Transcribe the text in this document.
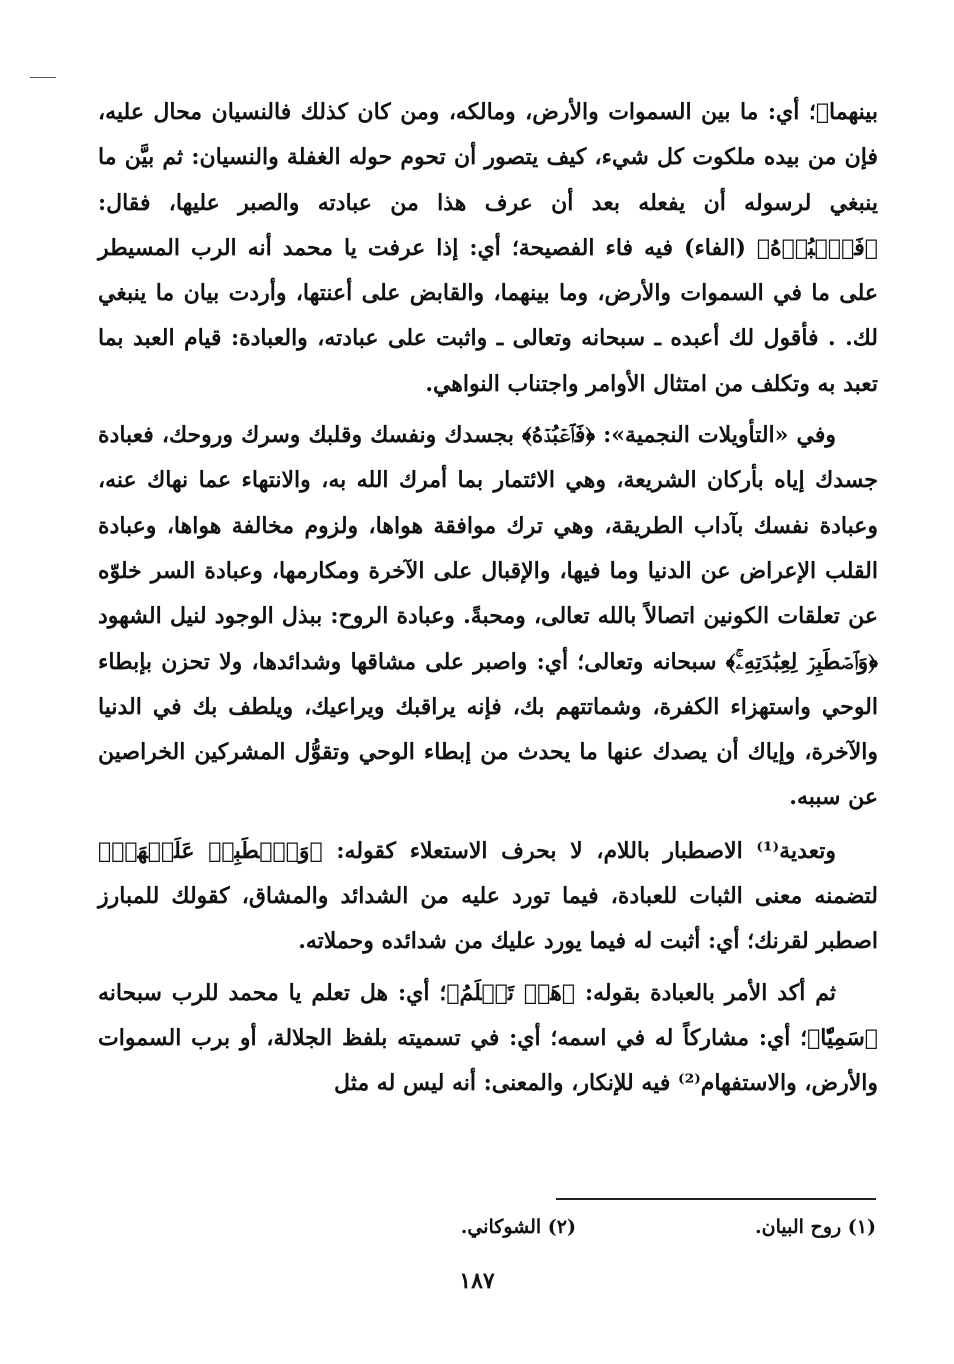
بينهما﴾؛ أي: ما بين السموات والأرض، ومالكه، ومن كان كذلك فالنسيان محال عليه، فإن من بيده ملكوت كل شيء، كيف يتصور أن تحوم حوله الغفلة والنسيان: ثم بيَّن ما ينبغي لرسوله أن يفعله بعد أن عرف هذا من عبادته والصبر عليها، فقال: ﴿فَٱعۡبُدۡهُ﴾ (الفاء) فيه فاء الفصيحة؛ أي: إذا عرفت يا محمد أنه الرب المسيطر على ما في السموات والأرض، وما بينهما، والقابض على أعنتها، وأردت بيان ما ينبغي لك. . فأقول لك أعبده ـ سبحانه وتعالى ـ واثبت على عبادته، والعبادة: قيام العبد بما تعبد به وتكلف من امتثال الأوامر واجتناب النواهي.

وفي «التأويلات النجمية»: ﴿فَٱعۡبُدۡهُ﴾ بجسدك ونفسك وقلبك وسرك وروحك، فعبادة جسدك إياه بأركان الشريعة، وهي الائتمار بما أمرك الله به، والانتهاء عما نهاك عنه، وعبادة نفسك بآداب الطريقة، وهي ترك موافقة هواها، ولزوم مخالفة هواها، وعبادة القلب الإعراض عن الدنيا وما فيها، والإقبال على الآخرة ومكارمها، وعبادة السر خلوّه عن تعلقات الكونين اتصالاً بالله تعالى، ومحبةً. وعبادة الروح: ببذل الوجود لنيل الشهود ﴿وَٱصۡطَبِرۡ لِعِبَٰدَتِهِۦۚ﴾ سبحانه وتعالى؛ أي: واصبر على مشاقها وشدائدها، ولا تحزن بإبطاء الوحي واستهزاء الكفرة، وشماتتهم بك، فإنه يراقبك ويراعيك، ويلطف بك في الدنيا والآخرة، وإياك أن يصدك عنها ما يحدث من إبطاء الوحي وتقوُّل المشركين الخراصين عن سببه.

وتعدية⁽¹⁾ الاصطبار باللام، لا بحرف الاستعلاء كقوله: ﴿وَٱصۡطَبِرۡ عَلَيۡهَاۖ﴾ لتضمنه معنى الثبات للعبادة، فيما تورد عليه من الشدائد والمشاق، كقولك للمبارز اصطبر لقرنك؛ أي: أثبت له فيما يورد عليك من شدائده وحملاته.

ثم أكد الأمر بالعبادة بقوله: ﴿هَلۡ تَعۡلَمُ﴾؛ أي: هل تعلم يا محمد للرب سبحانه ﴿سَمِيّٗا﴾؛ أي: مشاركاً له في اسمه؛ أي: في تسميته بلفظ الجلالة، أو برب السموات والأرض، والاستفهام⁽²⁾ فيه للإنكار، والمعنى: أنه ليس له مثل

(١) روح البيان.
(٢) الشوكاني.
١٨٧
